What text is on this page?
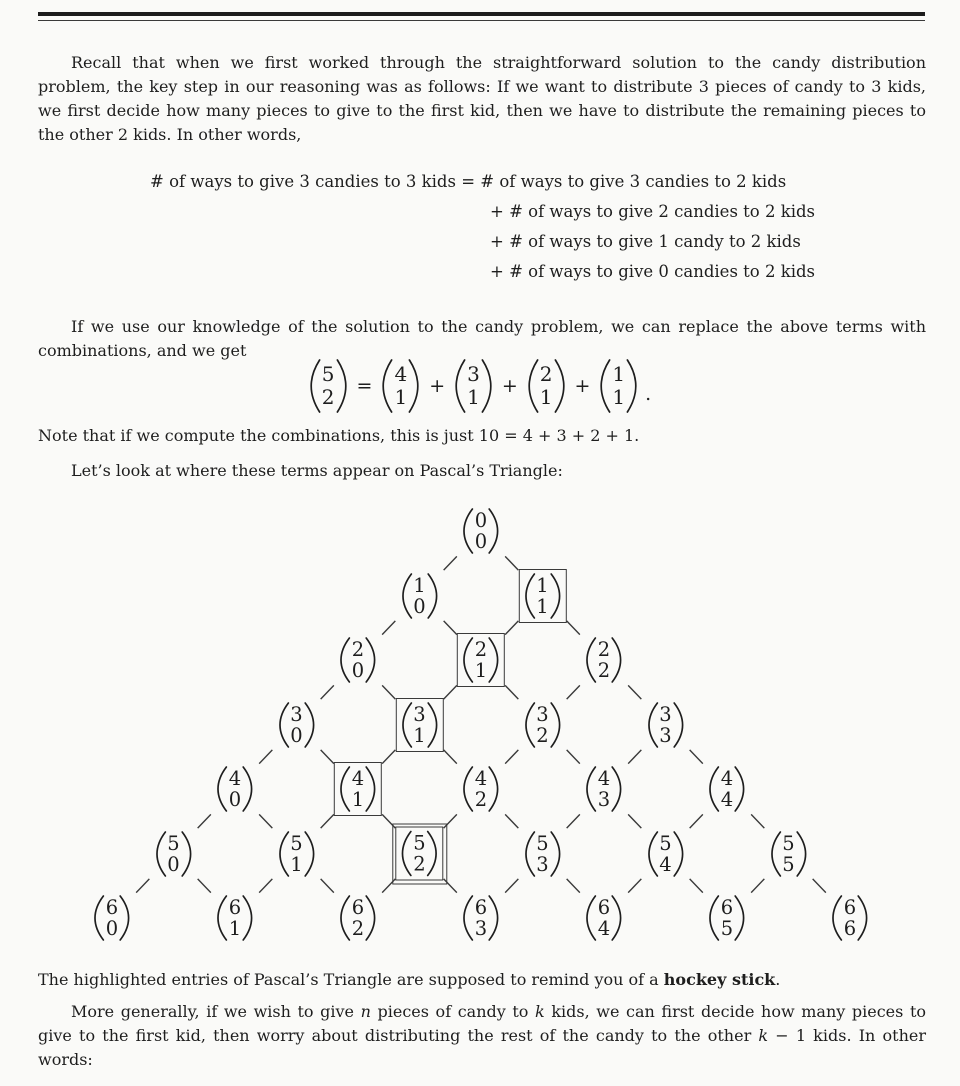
Recall that when we first worked through the straightforward solution to the candy distribution problem, the key step in our reasoning was as follows: If we want to distribute 3 pieces of candy to 3 kids, we first decide how many pieces to give to the first kid, then we have to distribute the remaining pieces to the other 2 kids. In other words,

# of ways to give 3 candies to 3 kids = # of ways to give 3 candies to 2 kids
+ # of ways to give 2 candies to 2 kids
+ # of ways to give 1 candy to 2 kids
+ # of ways to give 0 candies to 2 kids

If we use our knowledge of the solution to the candy problem, we can replace the above terms with combinations, and we get

5
2 = 4
1 + 3
1 + 2
1 + 1
1 .

Note that if we compute the combinations, this is just 10 = 4 + 3 + 2 + 1.

Let’s look at where these terms appear on Pascal’s Triangle:

0
0
1
0
1
1
2
0
2
1
2
2
3
0
3
1
3
2
3
3
4
0
4
1
4
2
4
3
4
4
5
0
5
1
5
2
5
3
5
4
5
5
6
0
6
1
6
2
6
3
6
4
6
5
6
6

The highlighted entries of Pascal’s Triangle are supposed to remind you of a hockey stick.

More generally, if we wish to give n pieces of candy to k kids, we can first decide how many pieces to give to the first kid, then worry about distributing the rest of the candy to the other k − 1 kids. In other words:
